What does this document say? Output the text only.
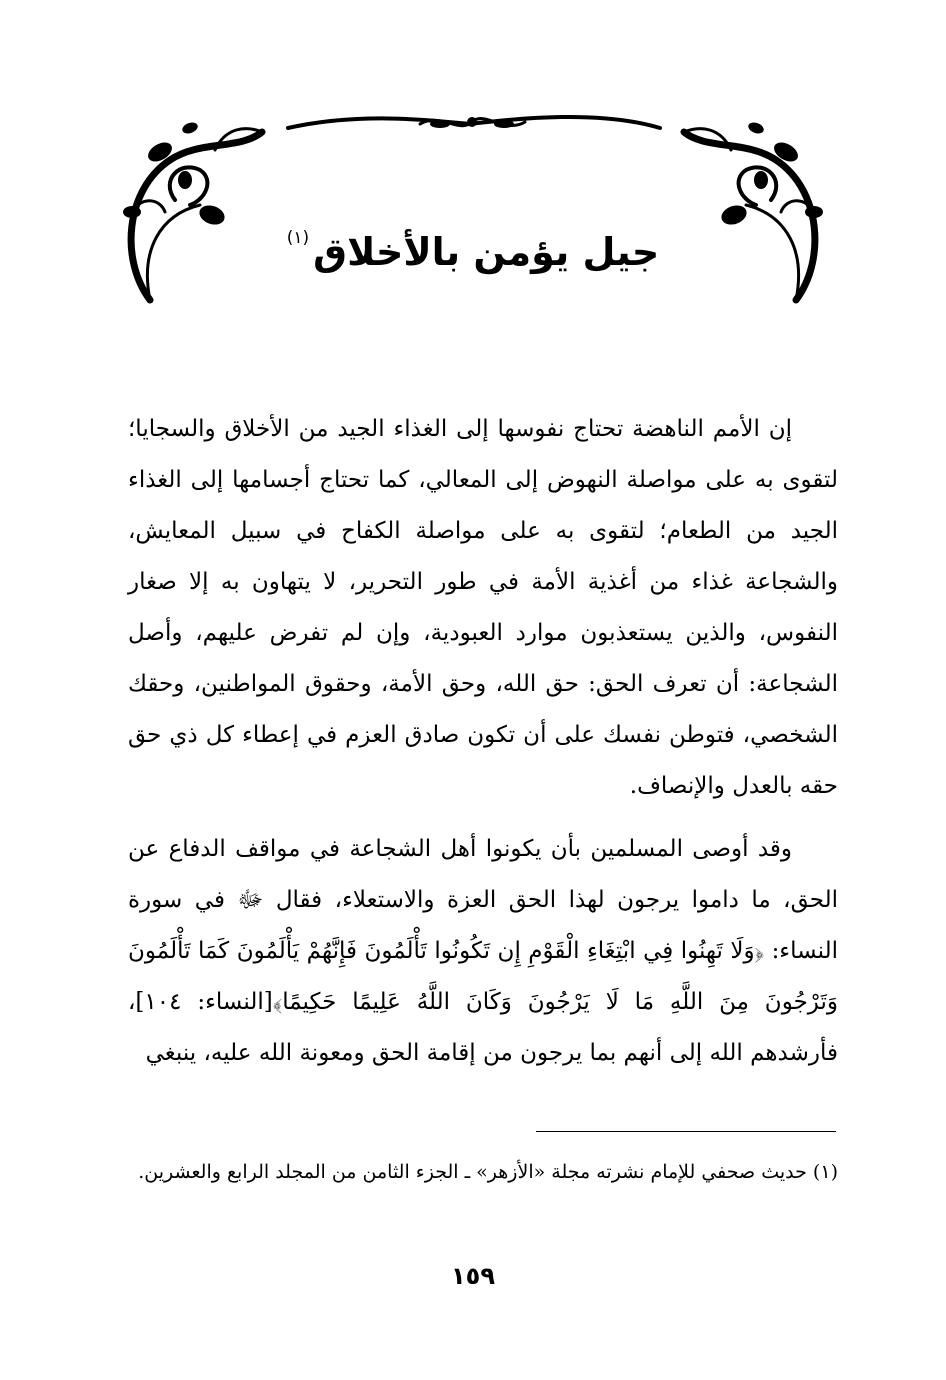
جيل يؤمن بالأخلاق$^{(١)}$

إن الأمم الناهضة تحتاج نفوسها إلى الغذاء الجيد من الأخلاق والسجايا؛ لتقوى به على مواصلة النهوض إلى المعالي، كما تحتاج أجسامها إلى الغذاء الجيد من الطعام؛ لتقوى به على مواصلة الكفاح في سبيل المعايش، والشجاعة غذاء من أغذية الأمة في طور التحرير، لا يتهاون به إلا صغار النفوس، والذين يستعذبون موارد العبودية، وإن لم تفرض عليهم، وأصل الشجاعة: أن تعرف الحق: حق الله، وحق الأمة، وحقوق المواطنين، وحقك الشخصي، فتوطن نفسك على أن تكون صادق العزم في إعطاء كل ذي حق حقه بالعدل والإنصاف.

وقد أوصى المسلمين بأن يكونوا أهل الشجاعة في مواقف الدفاع عن الحق، ما داموا يرجون لهذا الحق العزة والاستعلاء، فقال ﷻ في سورة النساء: ﴿وَلَا تَهِنُوا فِي ابْتِغَاءِ الْقَوْمِ إِن تَكُونُوا تَأْلَمُونَ فَإِنَّهُمْ يَأْلَمُونَ كَمَا تَأْلَمُونَ وَتَرْجُونَ مِنَ اللَّهِ مَا لَا يَرْجُونَ وَكَانَ اللَّهُ عَلِيمًا حَكِيمًا﴾[النساء: ١٠٤]، فأرشدهم الله إلى أنهم بما يرجون من إقامة الحق ومعونة الله عليه، ينبغي

(١) حديث صحفي للإمام نشرته مجلة «الأزهر» ـ الجزء الثامن من المجلد الرابع والعشرين.
١٥٩
